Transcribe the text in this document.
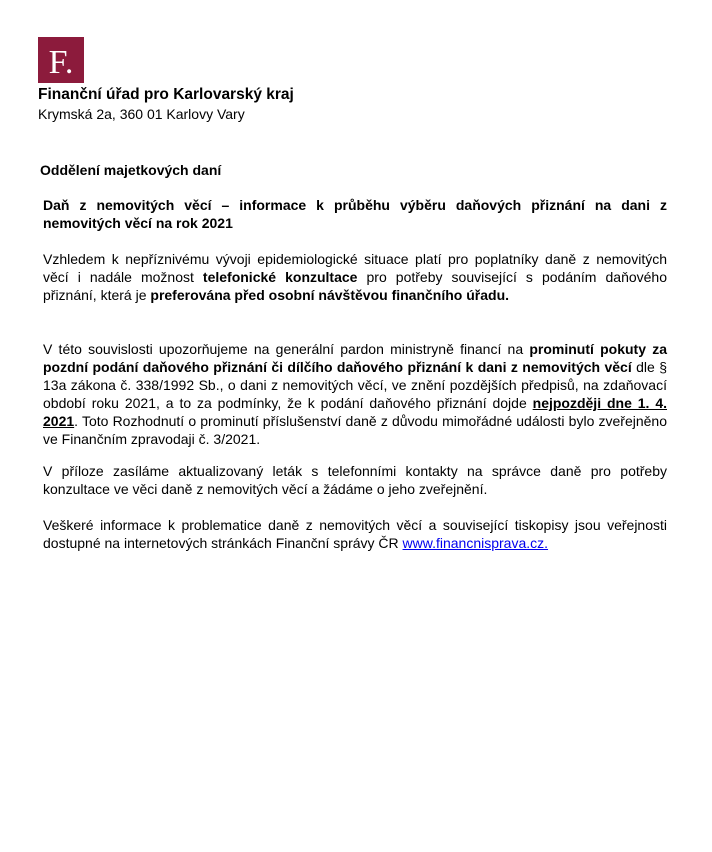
F.
Finanční úřad pro Karlovarský kraj
Krymská 2a, 360 01 Karlovy Vary
Oddělení majetkových daní
Daň z nemovitých věcí – informace k průběhu výběru daňových přiznání na dani z nemovitých věcí na rok 2021
Vzhledem k nepříznivému vývoji epidemiologické situace platí pro poplatníky daně z nemovitých věcí i nadále možnost telefonické konzultace pro potřeby související s podáním daňového přiznání, která je preferována před osobní návštěvou finančního úřadu.
V této souvislosti upozorňujeme na generální pardon ministryně financí na prominutí pokuty za pozdní podání daňového přiznání či dílčího daňového přiznání k dani z nemovitých věcí dle § 13a zákona č. 338/1992 Sb., o dani z nemovitých věcí, ve znění pozdějších předpisů, na zdaňovací období roku 2021, a to za podmínky, že k podání daňového přiznání dojde nejpozději dne 1. 4. 2021. Toto Rozhodnutí o prominutí příslušenství daně z důvodu mimořádné události bylo zveřejněno ve Finančním zpravodaji č. 3/2021.
V příloze zasíláme aktualizovaný leták s telefonními kontakty na správce daně pro potřeby konzultace ve věci daně z nemovitých věcí a žádáme o jeho zveřejnění.
Veškeré informace k problematice daně z nemovitých věcí a související tiskopisy jsou veřejnosti dostupné na internetových stránkách Finanční správy ČR www.financnisprava.cz.
